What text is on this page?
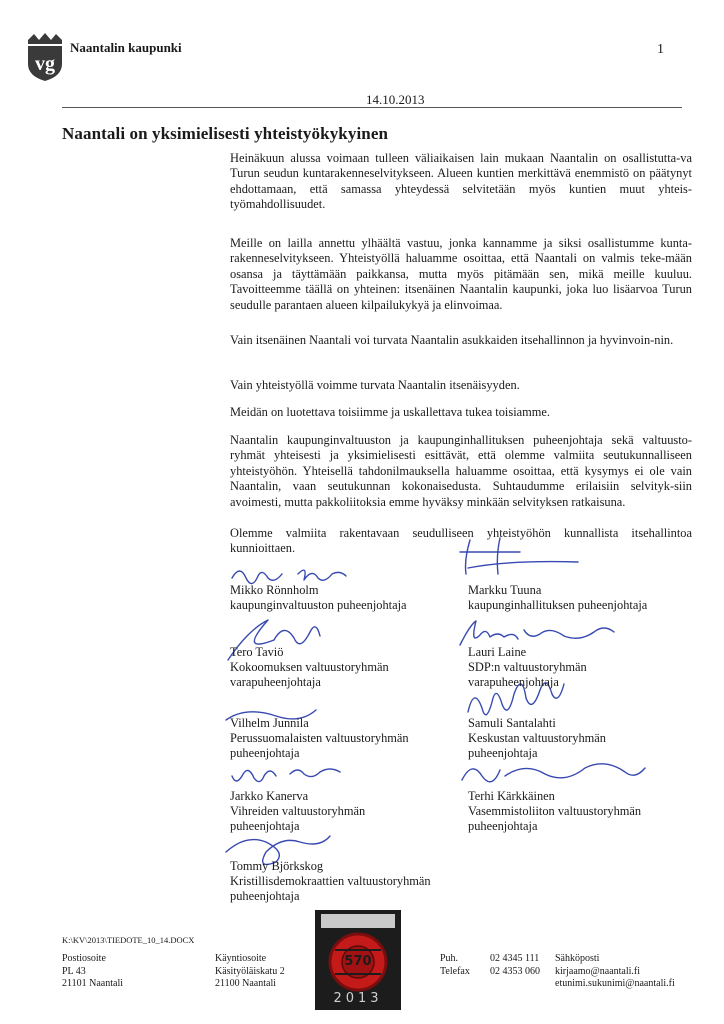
vg
Naantalin kaupunki	1
14.10.2013
Naantali on yksimielisesti yhteistyökykyinen

Heinäkuun alussa voimaan tulleen väliaikaisen lain mukaan Naantalin on osallistutta-va Turun seudun kuntarakenneselvitykseen. Alueen kuntien merkittävä enemmistö on päätynyt ehdottamaan, että samassa yhteydessä selvitetään myös kuntien muut yhteis-työmahdollisuudet.

Meille on lailla annettu ylhäältä vastuu, jonka kannamme ja siksi osallistumme kunta-rakenneselvitykseen. Yhteistyöllä haluamme osoittaa, että Naantali on valmis teke-mään osansa ja täyttämään paikkansa, mutta myös pitämään sen, mikä meille kuuluu. Tavoitteemme täällä on yhteinen: itsenäinen Naantalin kaupunki, joka luo lisäarvoa Turun seudulle parantaen alueen kilpailukykyä ja elinvoimaa.

Vain itsenäinen Naantali voi turvata Naantalin asukkaiden itsehallinnon ja hyvinvoin-nin.

Vain yhteistyöllä voimme turvata Naantalin itsenäisyyden.

Meidän on luotettava toisiimme ja uskallettava tukea toisiamme.

Naantalin kaupunginvaltuuston ja kaupunginhallituksen puheenjohtaja sekä valtuusto-ryhmät yhteisesti ja yksimielisesti esittävät, että olemme valmiita seutukunnalliseen yhteistyöhön. Yhteisellä tahdonilmauksella haluamme osoittaa, että kysymys ei ole vain Naantalin, vaan seutukunnan kokonaisedusta. Suhtaudumme erilaisiin selvityk-siin avoimesti, mutta pakkoliitoksia emme hyväksy minkään selvityksen ratkaisuna.

Olemme valmiita rakentavaan seudulliseen yhteistyöhön kunnallista itsehallintoa kunnioittaen.

Mikko Rönnholm
kaupunginvaltuuston puheenjohtaja
Markku Tuuna
kaupunginhallituksen puheenjohtaja
Tero Taviö
Kokoomuksen valtuustoryhmän
varapuheenjohtaja
Lauri Laine
SDP:n valtuustoryhmän
varapuheenjohtaja
Vilhelm Junnila
Perussuomalaisten valtuustoryhmän
puheenjohtaja
Samuli Santalahti
Keskustan valtuustoryhmän
puheenjohtaja
Jarkko Kanerva
Vihreiden valtuustoryhmän
puheenjohtaja
Terhi Kärkkäinen
Vasemmistoliiton valtuustoryhmän
puheenjohtaja
Tommy Björkskog
Kristillisdemokraattien valtuustoryhmän
puheenjohtaja
K:\KV\2013\TIEDOTE_10_14.DOCX
Postiosoite
PL 43
21101 Naantali
Käyntiosoite
Käsityöläiskatu 2
21100 Naantali
570
2013
Puh.	02 4345 111
Telefax	02 4353 060
Sähköposti
kirjaamo@naantali.fi
etunimi.sukunimi@naantali.fi
